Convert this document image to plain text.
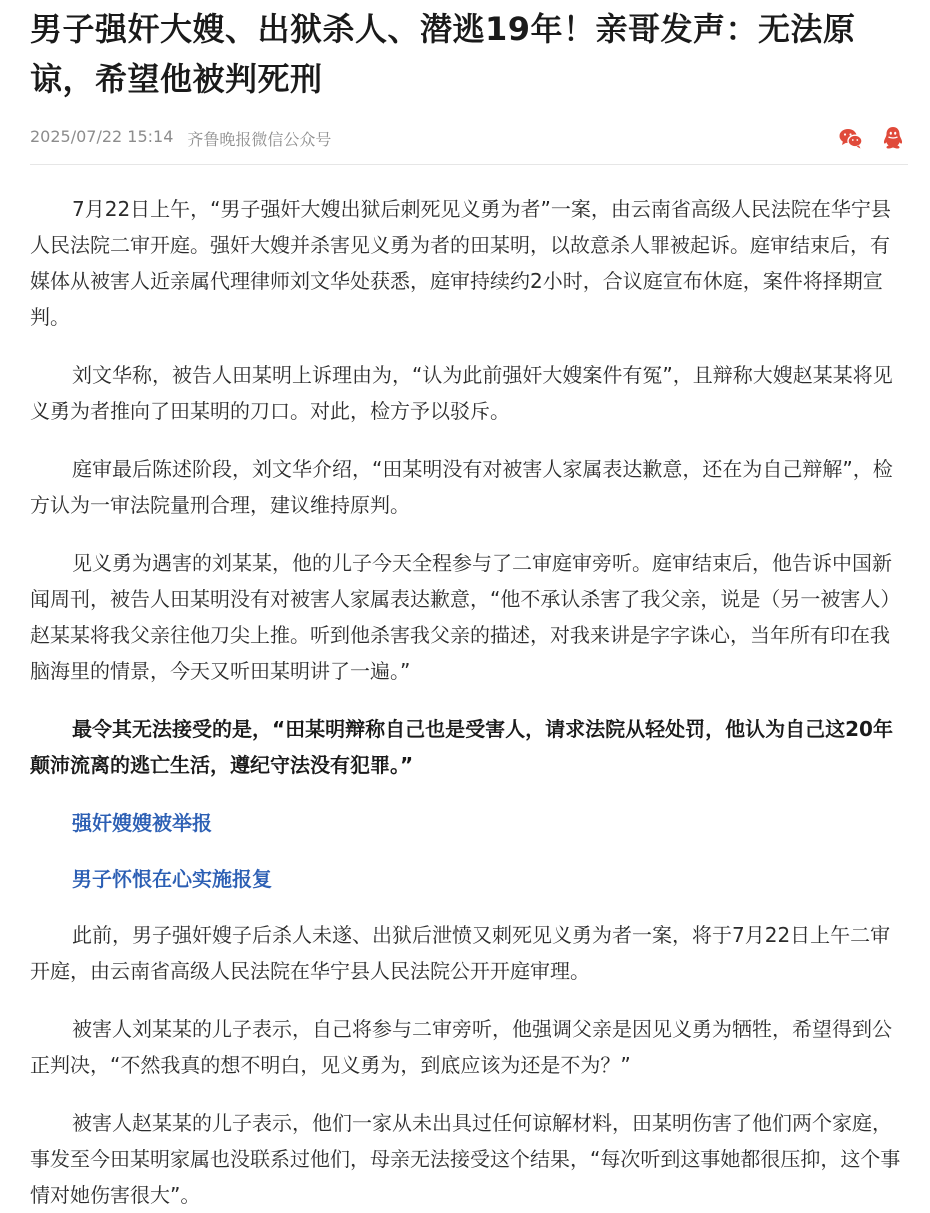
男子强奸大嫂、出狱杀人、潜逃19年！亲哥发声：无法原谅，希望他被判死刑
2025/07/22 15:14 齐鲁晚报微信公众号

7月22日上午，“男子强奸大嫂出狱后刺死见义勇为者”一案，由云南省高级人民法院在华宁县人民法院二审开庭。强奸大嫂并杀害见义勇为者的田某明，以故意杀人罪被起诉。庭审结束后，有媒体从被害人近亲属代理律师刘文华处获悉，庭审持续约2小时，合议庭宣布休庭，案件将择期宣判。

刘文华称，被告人田某明上诉理由为，“认为此前强奸大嫂案件有冤”，且辩称大嫂赵某某将见义勇为者推向了田某明的刀口。对此，检方予以驳斥。

庭审最后陈述阶段，刘文华介绍，“田某明没有对被害人家属表达歉意，还在为自己辩解”，检方认为一审法院量刑合理，建议维持原判。

见义勇为遇害的刘某某，他的儿子今天全程参与了二审庭审旁听。庭审结束后，他告诉中国新闻周刊，被告人田某明没有对被害人家属表达歉意，“他不承认杀害了我父亲，说是（另一被害人）赵某某将我父亲往他刀尖上推。听到他杀害我父亲的描述，对我来讲是字字诛心，当年所有印在我脑海里的情景，今天又听田某明讲了一遍。”

最令其无法接受的是，“田某明辩称自己也是受害人，请求法院从轻处罚，他认为自己这20年颠沛流离的逃亡生活，遵纪守法没有犯罪。”

强奸嫂嫂被举报

男子怀恨在心实施报复

此前，男子强奸嫂子后杀人未遂、出狱后泄愤又刺死见义勇为者一案，将于7月22日上午二审开庭，由云南省高级人民法院在华宁县人民法院公开开庭审理。

被害人刘某某的儿子表示，自己将参与二审旁听，他强调父亲是因见义勇为牺牲，希望得到公正判决，“不然我真的想不明白，见义勇为，到底应该为还是不为？”

被害人赵某某的儿子表示，他们一家从未出具过任何谅解材料，田某明伤害了他们两个家庭，事发至今田某明家属也没联系过他们，母亲无法接受这个结果，“每次听到这事她都很压抑，这个事情对她伤害很大”。
